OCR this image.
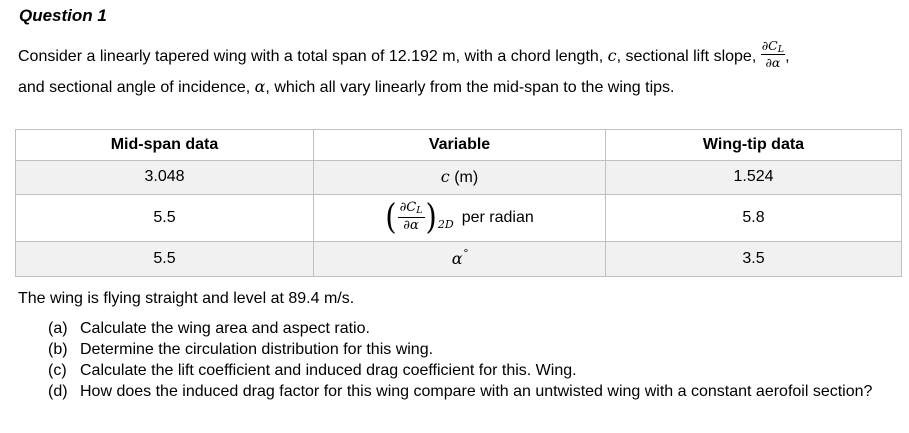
Question 1

Consider a linearly tapered wing with a total span of 12.192 m, with a chord length, c, sectional lift slope, $\frac{\partial C_L}{\partial\alpha}$ ,
and sectional angle of incidence, α, which all vary linearly from the mid-span to the wing tips.

Mid-span data	Variable	Wing-tip data
3.048	c (m)	1.524
5.5	( $\frac{\partial C_L}{\partial\alpha}$ ) 2D per radian	5.8
5.5	α°	3.5

The wing is flying straight and level at 89.4 m/s.

(a) Calculate the wing area and aspect ratio.
(b) Determine the circulation distribution for this wing.
(c) Calculate the lift coefficient and induced drag coefficient for this. Wing.
(d) How does the induced drag factor for this wing compare with an untwisted wing with a constant aerofoil section?
